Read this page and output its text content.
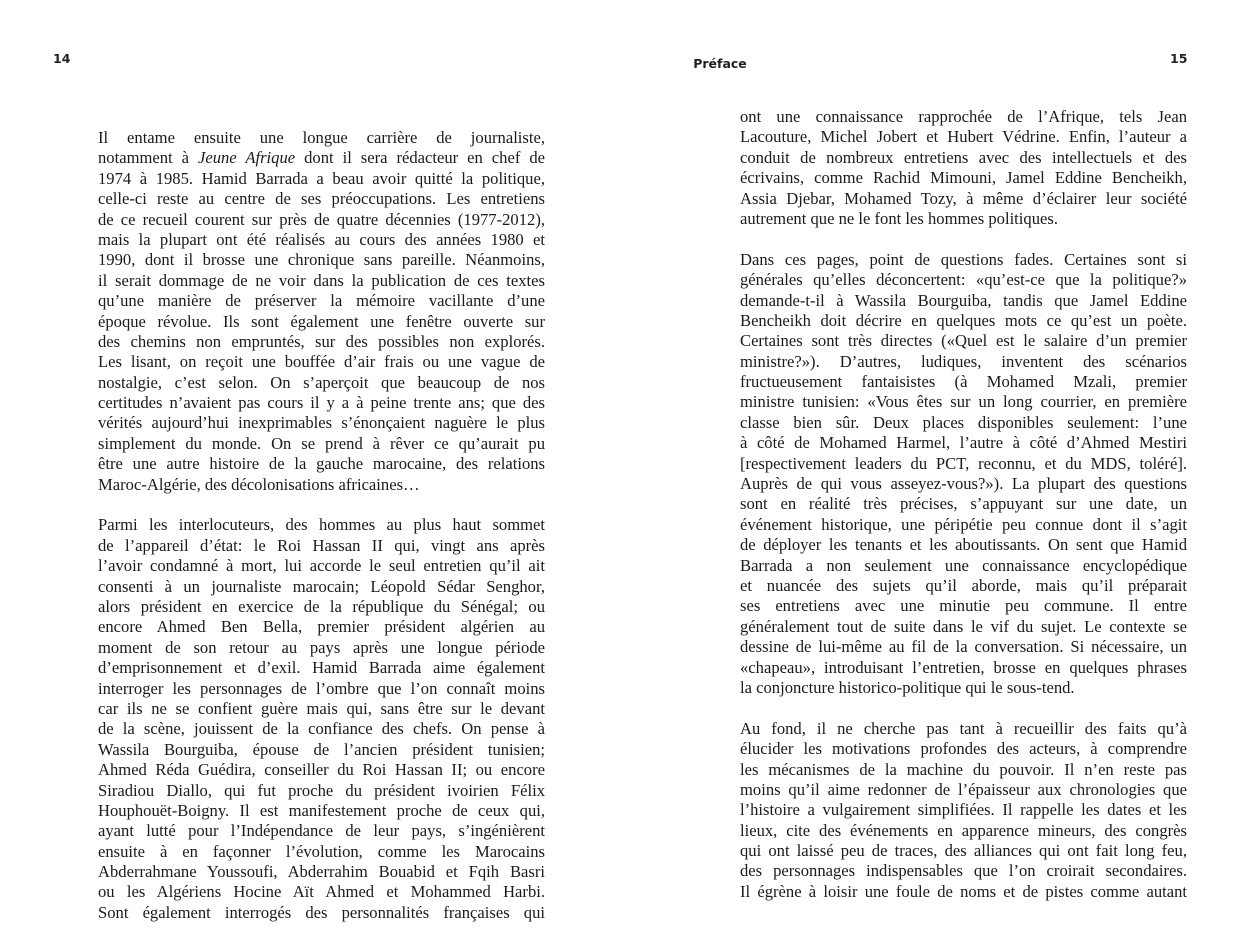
14	Préface	15
Il entame ensuite une longue carrière de journaliste,
notamment à Jeune Afrique dont il sera rédacteur en chef de
1974 à 1985. Hamid Barrada a beau avoir quitté la politique,
celle-ci reste au centre de ses préoccupations. Les entretiens
de ce recueil courent sur près de quatre décennies (1977-2012),
mais la plupart ont été réalisés au cours des années 1980 et
1990, dont il brosse une chronique sans pareille. Néanmoins,
il serait dommage de ne voir dans la publication de ces textes
qu’une manière de préserver la mémoire vacillante d’une
époque révolue. Ils sont également une fenêtre ouverte sur
des chemins non empruntés, sur des possibles non explorés.
Les lisant, on reçoit une bouffée d’air frais ou une vague de
nostalgie, c’est selon. On s’aperçoit que beaucoup de nos
certitudes n’avaient pas cours il y a à peine trente ans; que des
vérités aujourd’hui inexprimables s’énonçaient naguère le plus
simplement du monde. On se prend à rêver ce qu’aurait pu
être une autre histoire de la gauche marocaine, des relations
Maroc-Algérie, des décolonisations africaines…
Parmi les interlocuteurs, des hommes au plus haut sommet
de l’appareil d’état: le Roi Hassan II qui, vingt ans après
l’avoir condamné à mort, lui accorde le seul entretien qu’il ait
consenti à un journaliste marocain; Léopold Sédar Senghor,
alors président en exercice de la république du Sénégal; ou
encore Ahmed Ben Bella, premier président algérien au
moment de son retour au pays après une longue période
d’emprisonnement et d’exil. Hamid Barrada aime également
interroger les personnages de l’ombre que l’on connaît moins
car ils ne se confient guère mais qui, sans être sur le devant
de la scène, jouissent de la confiance des chefs. On pense à
Wassila Bourguiba, épouse de l’ancien président tunisien;
Ahmed Réda Guédira, conseiller du Roi Hassan II; ou encore
Siradiou Diallo, qui fut proche du président ivoirien Félix
Houphouët-Boigny. Il est manifestement proche de ceux qui,
ayant lutté pour l’Indépendance de leur pays, s’ingénièrent
ensuite à en façonner l’évolution, comme les Marocains
Abderrahmane Youssoufi, Abderrahim Bouabid et Fqih Basri
ou les Algériens Hocine Aït Ahmed et Mohammed Harbi.
Sont également interrogés des personnalités françaises qui
ont une connaissance rapprochée de l’Afrique, tels Jean
Lacouture, Michel Jobert et Hubert Védrine. Enfin, l’auteur a
conduit de nombreux entretiens avec des intellectuels et des
écrivains, comme Rachid Mimouni, Jamel Eddine Bencheikh,
Assia Djebar, Mohamed Tozy, à même d’éclairer leur société
autrement que ne le font les hommes politiques.
Dans ces pages, point de questions fades. Certaines sont si
générales qu’elles déconcertent: «qu’est-ce que la politique?»
demande-t-il à Wassila Bourguiba, tandis que Jamel Eddine
Bencheikh doit décrire en quelques mots ce qu’est un poète.
Certaines sont très directes («Quel est le salaire d’un premier
ministre?»). D’autres, ludiques, inventent des scénarios
fructueusement fantaisistes (à Mohamed Mzali, premier
ministre tunisien: «Vous êtes sur un long courrier, en première
classe bien sûr. Deux places disponibles seulement: l’une
à côté de Mohamed Harmel, l’autre à côté d’Ahmed Mestiri
[respectivement leaders du PCT, reconnu, et du MDS, toléré].
Auprès de qui vous asseyez-vous?»). La plupart des questions
sont en réalité très précises, s’appuyant sur une date, un
événement historique, une péripétie peu connue dont il s’agit
de déployer les tenants et les aboutissants. On sent que Hamid
Barrada a non seulement une connaissance encyclopédique
et nuancée des sujets qu’il aborde, mais qu’il préparait
ses entretiens avec une minutie peu commune. Il entre
généralement tout de suite dans le vif du sujet. Le contexte se
dessine de lui-même au fil de la conversation. Si nécessaire, un
«chapeau», introduisant l’entretien, brosse en quelques phrases
la conjoncture historico-politique qui le sous-tend.
Au fond, il ne cherche pas tant à recueillir des faits qu’à
élucider les motivations profondes des acteurs, à comprendre
les mécanismes de la machine du pouvoir. Il n’en reste pas
moins qu’il aime redonner de l’épaisseur aux chronologies que
l’histoire a vulgairement simplifiées. Il rappelle les dates et les
lieux, cite des événements en apparence mineurs, des congrès
qui ont laissé peu de traces, des alliances qui ont fait long feu,
des personnages indispensables que l’on croirait secondaires.
Il égrène à loisir une foule de noms et de pistes comme autant
